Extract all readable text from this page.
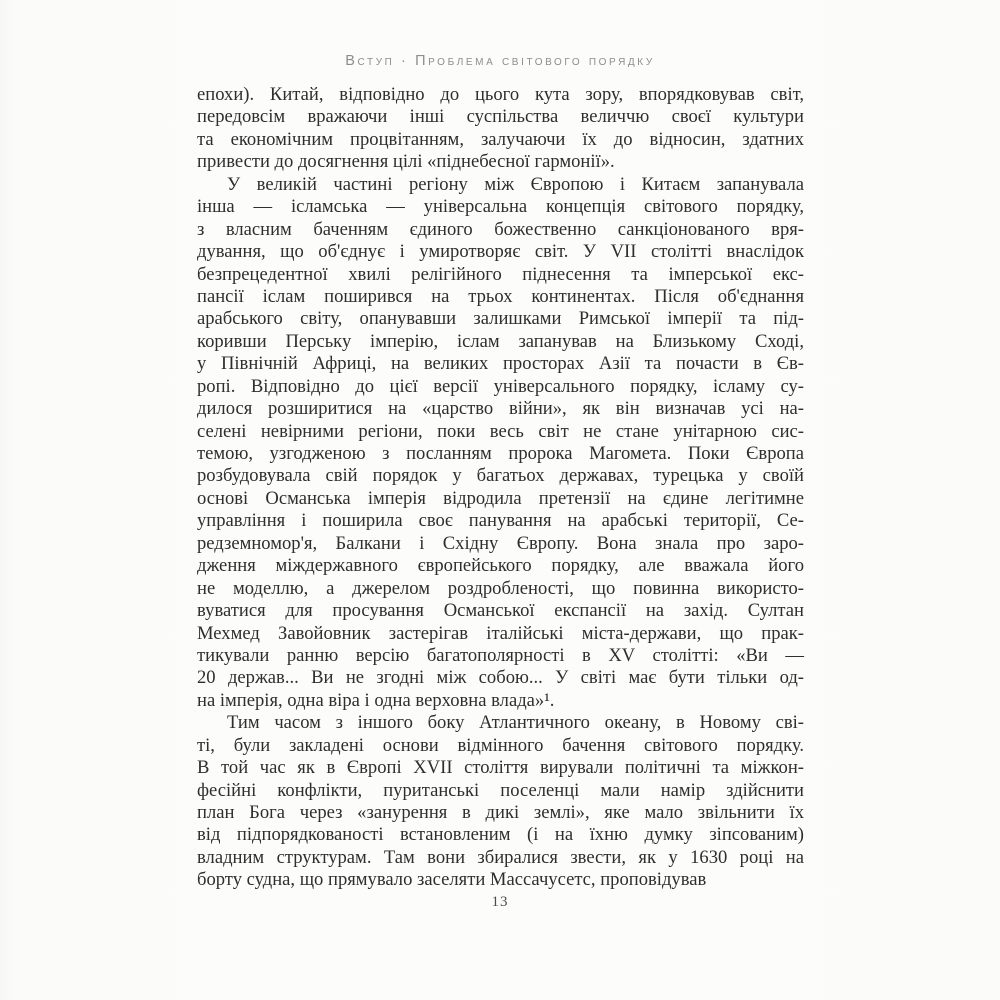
Вступ · Проблема світового порядку
епохи). Китай, відповідно до цього кута зору, впорядковував світ,
передовсім вражаючи інші суспільства величчю своєї культури
та економічним процвітанням, залучаючи їх до відносин, здатних
привести до досягнення цілі «піднебесної гармонії».
У великій частині регіону між Європою і Китаєм запанувала
інша — ісламська — універсальна концепція світового порядку,
з власним баченням єдиного божественно санкціонованого вря-
дування, що об'єднує і умиротворяє світ. У VII столітті внаслідок
безпрецедентної хвилі релігійного піднесення та імперської екс-
пансії іслам поширився на трьох континентах. Після об'єднання
арабського світу, опанувавши залишками Римської імперії та під-
коривши Перську імперію, іслам запанував на Близькому Сході,
у Північній Африці, на великих просторах Азії та почасти в Єв-
ропі. Відповідно до цієї версії універсального порядку, ісламу су-
дилося розширитися на «царство війни», як він визначав усі на-
селені невірними регіони, поки весь світ не стане унітарною сис-
темою, узгодженою з посланням пророка Магомета. Поки Європа
розбудовувала свій порядок у багатьох державах, турецька у своїй
основі Османська імперія відродила претензії на єдине легітимне
управління і поширила своє панування на арабські території, Се-
редземномор'я, Балкани і Східну Європу. Вона знала про заро-
дження міждержавного європейського порядку, але вважала його
не моделлю, а джерелом роздробленості, що повинна використо-
вуватися для просування Османської експансії на захід. Султан
Мехмед Завойовник застерігав італійські міста-держави, що прак-
тикували ранню версію багатополярності в XV столітті: «Ви —
20 держав... Ви не згодні між собою... У світі має бути тільки од-
на імперія, одна віра і одна верховна влада»¹.
Тим часом з іншого боку Атлантичного океану, в Новому сві-
ті, були закладені основи відмінного бачення світового порядку.
В той час як в Європі XVII століття вирували політичні та міжкон-
фесійні конфлікти, пуританські поселенці мали намір здійснити
план Бога через «занурення в дикі землі», яке мало звільнити їх
від підпорядкованості встановленим (і на їхню думку зіпсованим)
владним структурам. Там вони збиралися звести, як у 1630 році на
борту судна, що прямувало заселяти Массачусетс, проповідував
13
